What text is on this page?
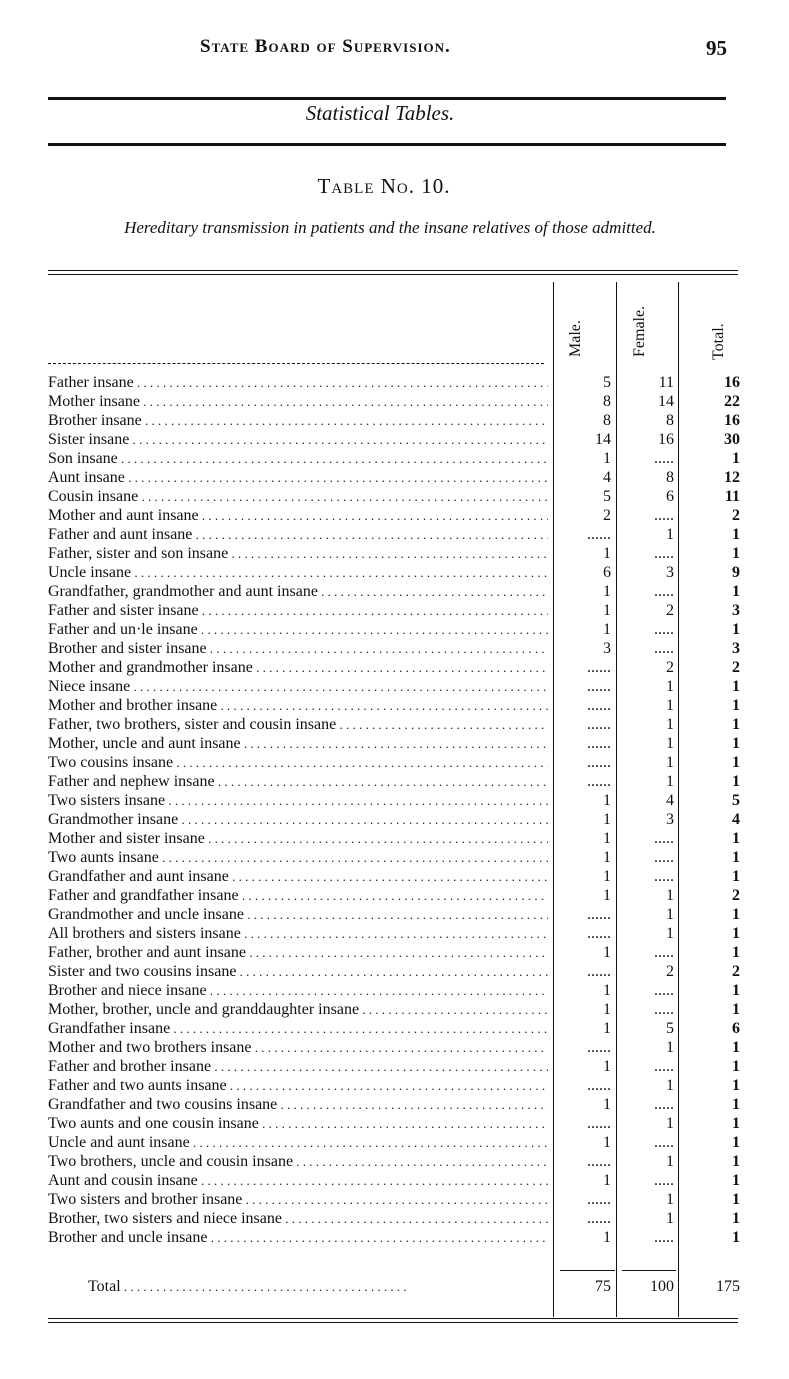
State Board of Supervision.	95
Statistical Tables.
Table No. 10.
Hereditary transmission in patients and the insane relatives of those admitted.
Male.	Female.	Total.
Father insane . . .	5	11	16
Mother insane . . .	8	14	22
Brother insane . . .	8	8	16
Sister insane . . .	14	16	30
Son insane . . .	1	.....	1
Aunt insane . . .	4	8	12
Cousin insane . . .	5	6	11
Mother and aunt insane . . .	2	.....	2
Father and aunt insane . . .	......	1	1
Father, sister and son insane . . .	1	.....	1
Uncle insane . . .	6	3	9
Grandfather, grandmother and aunt insane . . .	1	.....	1
Father and sister insane . . .	1	2	3
Father and un·le insane . . .	1	.....	1
Brother and sister insane . . .	3	.....	3
Mother and grandmother insane . . .	......	2	2
Niece insane . . .	......	1	1
Mother and brother insane . . .	......	1	1
Father, two brothers, sister and cousin insane . . .	......	1	1
Mother, uncle and aunt insane . . .	......	1	1
Two cousins insane . . .	......	1	1
Father and nephew insane . . .	......	1	1
Two sisters insane . . .	1	4	5
Grandmother insane . . .	1	3	4
Mother and sister insane . . .	1	.....	1
Two aunts insane . . .	1	.....	1
Grandfather and aunt insane . . .	1	.....	1
Father and grandfather insane . . .	1	1	2
Grandmother and uncle insane . . .	......	1	1
All brothers and sisters insane . . .	......	1	1
Father, brother and aunt insane . . .	1	.....	1
Sister and two cousins insane . . .	......	2	2
Brother and niece insane . . .	1	.....	1
Mother, brother, uncle and granddaughter insane . . .	1	.....	1
Grandfather insane . . .	1	5	6
Mother and two brothers insane . . .	......	1	1
Father and brother insane . . .	1	.....	1
Father and two aunts insane . . .	......	1	1
Grandfather and two cousins insane . . .	1	.....	1
Two aunts and one cousin insane . . .	......	1	1
Uncle and aunt insane . . .	1	.....	1
Two brothers, uncle and cousin insane . . .	......	1	1
Aunt and cousin insane . . .	1	.....	1
Two sisters and brother insane . . .	......	1	1
Brother, two sisters and niece insane . . .	......	1	1
Brother and uncle insane . . .	1	.....	1
Total . . .	75	100	175
